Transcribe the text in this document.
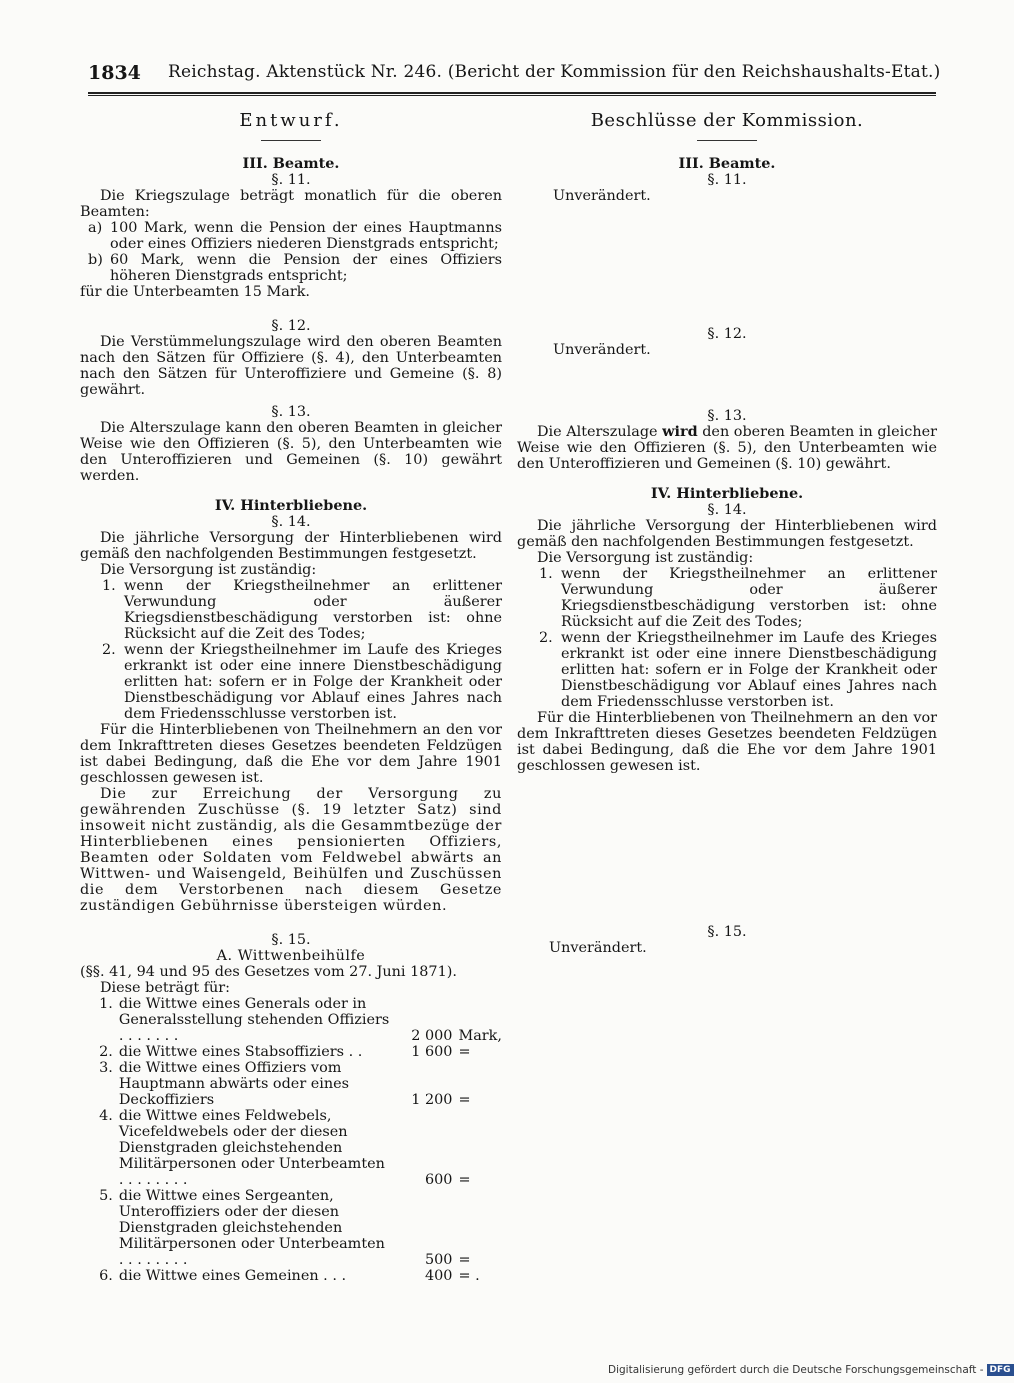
1834 Reichstag. Aktenstück Nr. 246. (Bericht der Kommission für den Reichshaushalts-Etat.)
Entwurf.

III. Beamte.

§. 11.

Die Kriegszulage beträgt monatlich für die oberen Beamten:

a) 100 Mark, wenn die Pension der eines Hauptmanns oder eines Offiziers niederen Dienstgrads entspricht;
b) 60 Mark, wenn die Pension der eines Offiziers höheren Dienstgrads entspricht;

für die Unterbeamten 15 Mark.

§. 12.

Die Verstümmelungszulage wird den oberen Beamten nach den Sätzen für Offiziere (§. 4), den Unterbeamten nach den Sätzen für Unteroffiziere und Gemeine (§. 8) gewährt.

§. 13.

Die Alterszulage kann den oberen Beamten in gleicher Weise wie den Offizieren (§. 5), den Unterbeamten wie den Unteroffizieren und Gemeinen (§. 10) gewährt werden.

IV. Hinterbliebene.

§. 14.

Die jährliche Versorgung der Hinterbliebenen wird gemäß den nachfolgenden Bestimmungen festgesetzt.

Die Versorgung ist zuständig:

1. wenn der Kriegstheilnehmer an erlittener Verwundung oder äußerer Kriegsdienstbeschädigung verstorben ist: ohne Rücksicht auf die Zeit des Todes;
2. wenn der Kriegstheilnehmer im Laufe des Krieges erkrankt ist oder eine innere Dienstbeschädigung erlitten hat: sofern er in Folge der Krankheit oder Dienstbeschädigung vor Ablauf eines Jahres nach dem Friedensschlusse verstorben ist.

Für die Hinterbliebenen von Theilnehmern an den vor dem Inkrafttreten dieses Gesetzes beendeten Feldzügen ist dabei Bedingung, daß die Ehe vor dem Jahre 1901 geschlossen gewesen ist.

Die zur Erreichung der Versorgung zu gewährenden Zuschüsse (§. 19 letzter Satz) sind insoweit nicht zuständig, als die Gesammtbezüge der Hinterbliebenen eines pensionierten Offiziers, Beamten oder Soldaten vom Feldwebel abwärts an Wittwen- und Waisengeld, Beihülfen und Zuschüssen die dem Verstorbenen nach diesem Gesetze zuständigen Gebührnisse übersteigen würden.

§. 15.

A. Wittwenbeihülfe

(§§. 41, 94 und 95 des Gesetzes vom 27. Juni 1871).

Diese beträgt für:

1.	die Wittwe eines Generals oder in Generalsstellung stehenden Offiziers . . . . . . .	2 000	Mark,
2.	die Wittwe eines Stabsoffiziers . .	1 600	=
3.	die Wittwe eines Offiziers vom Hauptmann abwärts oder eines Deckoffiziers	1 200	=
4.	die Wittwe eines Feldwebels, Vicefeldwebels oder der diesen Dienstgraden gleichstehenden Militärpersonen oder Unterbeamten . . . . . . . .	600	=
5.	die Wittwe eines Sergeanten, Unteroffiziers oder der diesen Dienstgraden gleichstehenden Militärpersonen oder Unterbeamten . . . . . . . .	500	=
6.	die Wittwe eines Gemeinen . . .	400	= .
Beschlüsse der Kommission.

III. Beamte.

§. 11.

Unverändert.

§. 12.

Unverändert.

§. 13.

Die Alterszulage wird den oberen Beamten in gleicher Weise wie den Offizieren (§. 5), den Unterbeamten wie den Unteroffizieren und Gemeinen (§. 10) gewährt.

IV. Hinterbliebene.

§. 14.

Die jährliche Versorgung der Hinterbliebenen wird gemäß den nachfolgenden Bestimmungen festgesetzt.

Die Versorgung ist zuständig:

1. wenn der Kriegstheilnehmer an erlittener Verwundung oder äußerer Kriegsdienstbeschädigung verstorben ist: ohne Rücksicht auf die Zeit des Todes;
2. wenn der Kriegstheilnehmer im Laufe des Krieges erkrankt ist oder eine innere Dienstbeschädigung erlitten hat: sofern er in Folge der Krankheit oder Dienstbeschädigung vor Ablauf eines Jahres nach dem Friedensschlusse verstorben ist.

Für die Hinterbliebenen von Theilnehmern an den vor dem Inkrafttreten dieses Gesetzes beendeten Feldzügen ist dabei Bedingung, daß die Ehe vor dem Jahre 1901 geschlossen gewesen ist.

§. 15.

Unverändert.

Digitalisierung gefördert durch die Deutsche Forschungsgemeinschaft - DFG
